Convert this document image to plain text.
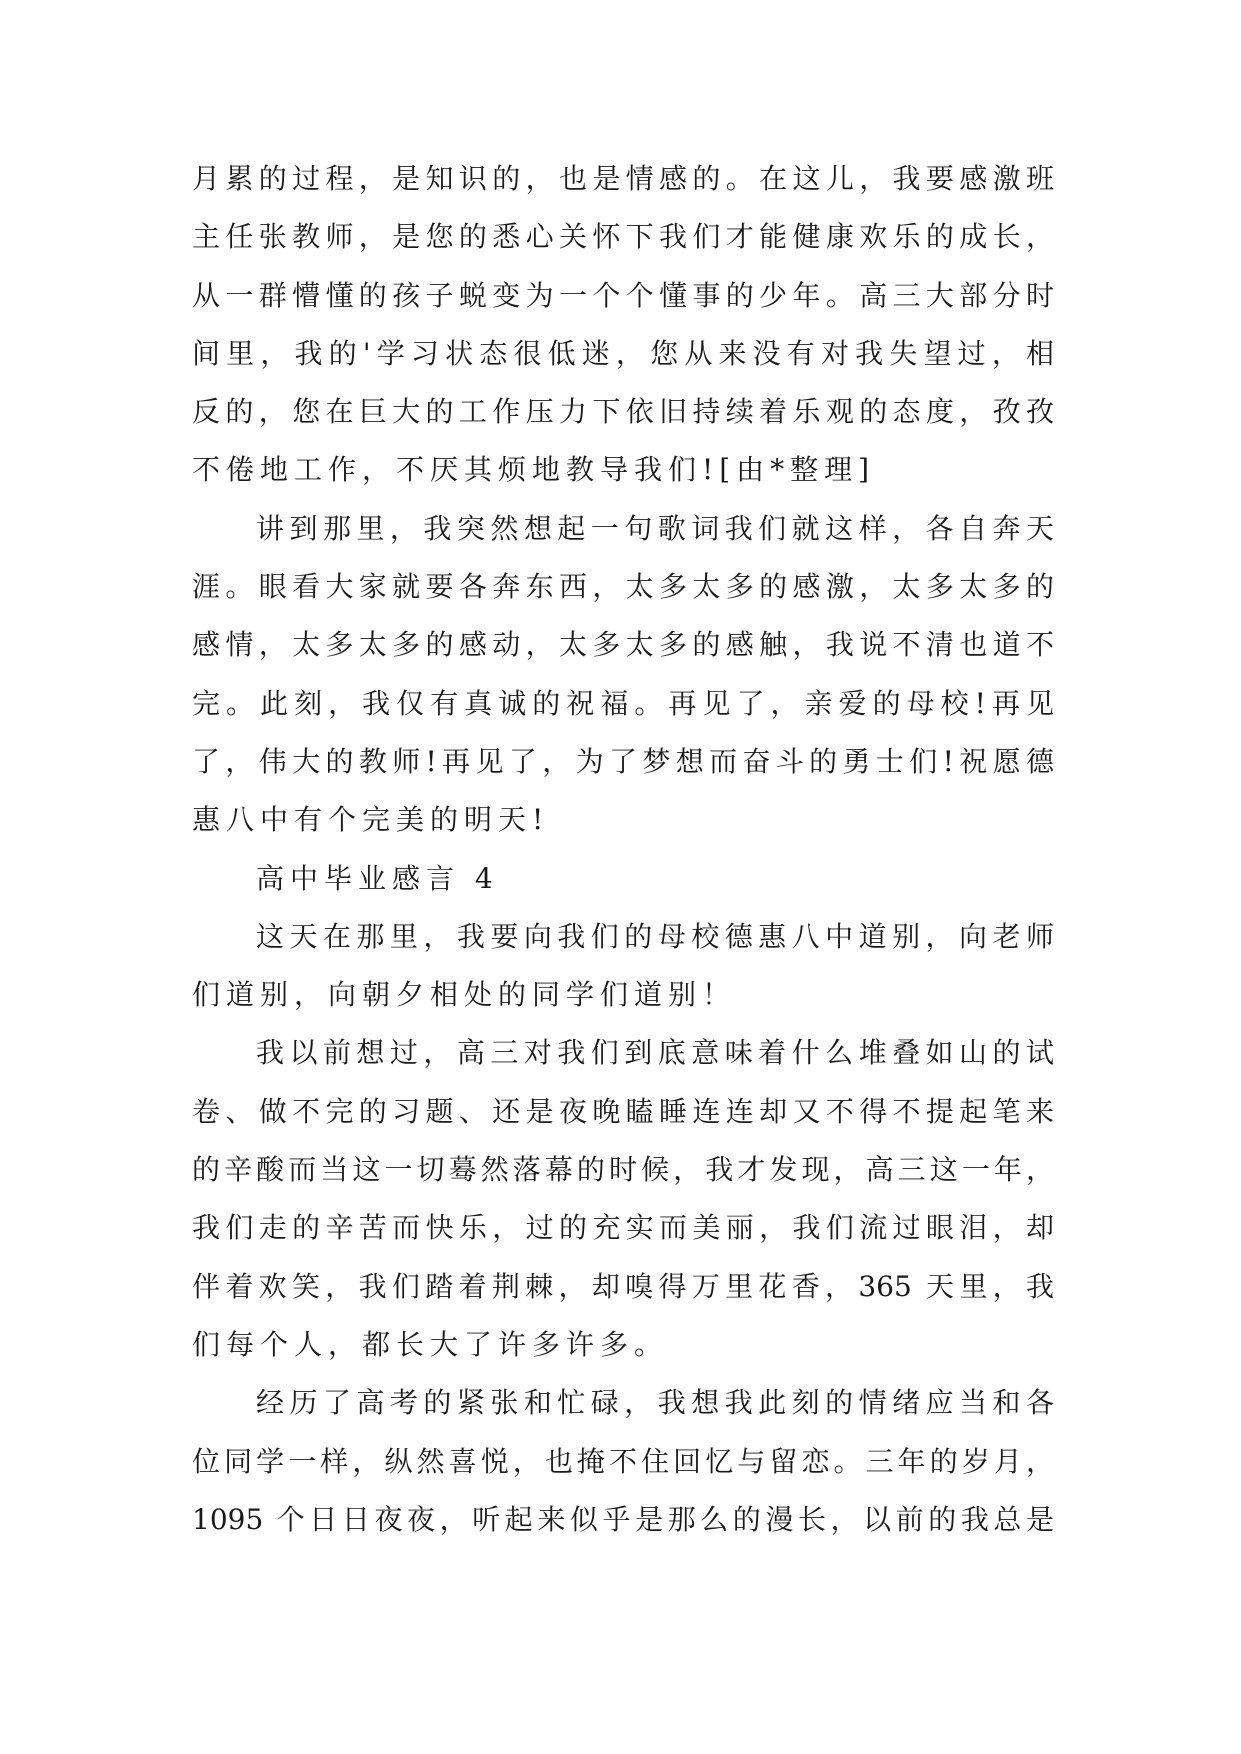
月累的过程，是知识的，也是情感的。在这儿，我要感激班
主任张教师，是您的悉心关怀下我们才能健康欢乐的成长，
从一群懵懂的孩子蜕变为一个个懂事的少年。高三大部分时
间里，我的'学习状态很低迷，您从来没有对我失望过，相
反的，您在巨大的工作压力下依旧持续着乐观的态度，孜孜
不倦地工作，不厌其烦地教导我们![由*整理]
讲到那里，我突然想起一句歌词我们就这样，各自奔天
涯。眼看大家就要各奔东西，太多太多的感激，太多太多的
感情，太多太多的感动，太多太多的感触，我说不清也道不
完。此刻，我仅有真诚的祝福。再见了，亲爱的母校!再见
了，伟大的教师!再见了，为了梦想而奋斗的勇士们!祝愿德
惠八中有个完美的明天!
高中毕业感言 4
这天在那里，我要向我们的母校德惠八中道别，向老师
们道别，向朝夕相处的同学们道别！
我以前想过，高三对我们到底意味着什么堆叠如山的试
卷、做不完的习题、还是夜晚瞌睡连连却又不得不提起笔来
的辛酸而当这一切蓦然落幕的时候，我才发现，高三这一年，
我们走的辛苦而快乐，过的充实而美丽，我们流过眼泪，却
伴着欢笑，我们踏着荆棘，却嗅得万里花香，365 天里，我
们每个人，都长大了许多许多。
经历了高考的紧张和忙碌，我想我此刻的情绪应当和各
位同学一样，纵然喜悦，也掩不住回忆与留恋。三年的岁月，
1095 个日日夜夜，听起来似乎是那么的漫长，以前的我总是
